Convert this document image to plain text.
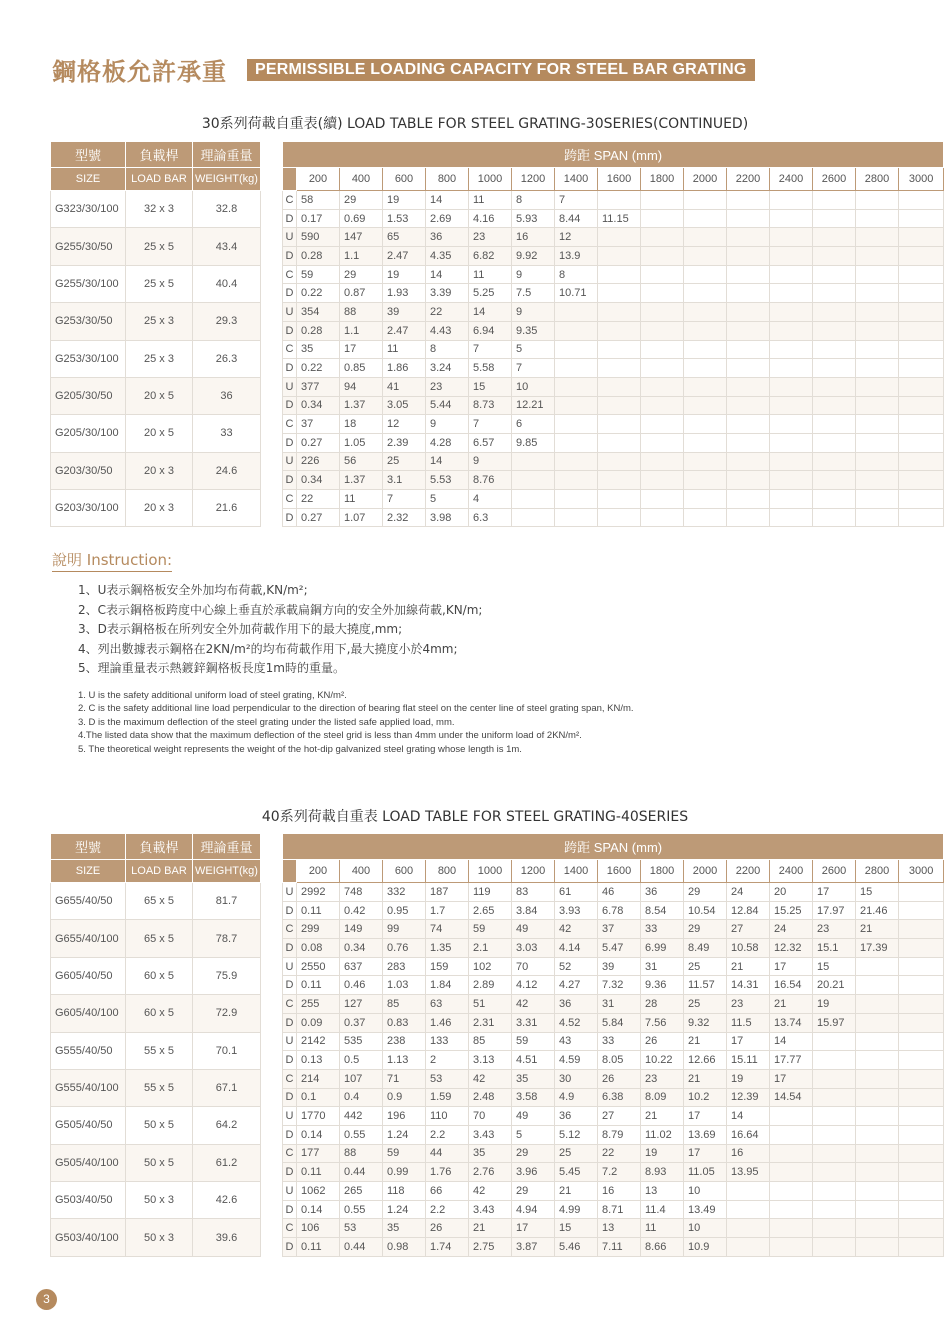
鋼格板允許承重	PERMISSIBLE LOADING CAPACITY FOR STEEL BAR GRATING
30系列荷載自重表(續) LOAD TABLE FOR STEEL GRATING-30SERIES(CONTINUED)
型號	負載桿	理論重量		跨距 SPAN (mm)															
SIZE	LOAD BAR	WEIGHT(kg)			200	400	600	800	1000	1200	1400	1600	1800	2000	2200	2400	2600	2800	3000
G323/30/100	32 x 3	32.8		C	58	29	19	14	11	8	7								
				D	0.17	0.69	1.53	2.69	4.16	5.93	8.44	11.15							
G255/30/50	25 x 5	43.4		U	590	147	65	36	23	16	12								
				D	0.28	1.1	2.47	4.35	6.82	9.92	13.9								
G255/30/100	25 x 5	40.4		C	59	29	19	14	11	9	8								
				D	0.22	0.87	1.93	3.39	5.25	7.5	10.71								
G253/30/50	25 x 3	29.3		U	354	88	39	22	14	9									
				D	0.28	1.1	2.47	4.43	6.94	9.35									
G253/30/100	25 x 3	26.3		C	35	17	11	8	7	5									
				D	0.22	0.85	1.86	3.24	5.58	7									
G205/30/50	20 x 5	36		U	377	94	41	23	15	10									
				D	0.34	1.37	3.05	5.44	8.73	12.21									
G205/30/100	20 x 5	33		C	37	18	12	9	7	6									
				D	0.27	1.05	2.39	4.28	6.57	9.85									
G203/30/50	20 x 3	24.6		U	226	56	25	14	9										
				D	0.34	1.37	3.1	5.53	8.76										
G203/30/100	20 x 3	21.6		C	22	11	7	5	4										
				D	0.27	1.07	2.32	3.98	6.3										
說明 Instruction:
1、U表示鋼格板安全外加均布荷載,KN/m²;
2、C表示鋼格板跨度中心線上垂直於承載扁鋼方向的安全外加線荷載,KN/m;
3、D表示鋼格板在所列安全外加荷載作用下的最大撓度,mm;
4、列出數據表示鋼格在2KN/m²的均布荷載作用下,最大撓度小於4mm;
5、理論重量表示熱鍍鋅鋼格板長度1m時的重量。
1. U is the safety additional uniform load of steel grating, KN/m².
2. C is the safety additional line load perpendicular to the direction of bearing flat steel on the center line of steel grating span, KN/m.
3. D is the maximum deflection of the steel grating under the listed safe applied load, mm.
4.The listed data show that the maximum deflection of the steel grid is less than 4mm under the uniform load of 2KN/m².
5. The theoretical weight represents the weight of the hot-dip galvanized steel grating whose length is 1m.
40系列荷載自重表 LOAD TABLE FOR STEEL GRATING-40SERIES
型號	負載桿	理論重量		跨距 SPAN (mm)															
SIZE	LOAD BAR	WEIGHT(kg)			200	400	600	800	1000	1200	1400	1600	1800	2000	2200	2400	2600	2800	3000
G655/40/50	65 x 5	81.7		U	2992	748	332	187	119	83	61	46	36	29	24	20	17	15	
				D	0.11	0.42	0.95	1.7	2.65	3.84	3.93	6.78	8.54	10.54	12.84	15.25	17.97	21.46	
G655/40/100	65 x 5	78.7		C	299	149	99	74	59	49	42	37	33	29	27	24	23	21	
				D	0.08	0.34	0.76	1.35	2.1	3.03	4.14	5.47	6.99	8.49	10.58	12.32	15.1	17.39	
G605/40/50	60 x 5	75.9		U	2550	637	283	159	102	70	52	39	31	25	21	17	15		
				D	0.11	0.46	1.03	1.84	2.89	4.12	4.27	7.32	9.36	11.57	14.31	16.54	20.21		
G605/40/100	60 x 5	72.9		C	255	127	85	63	51	42	36	31	28	25	23	21	19		
				D	0.09	0.37	0.83	1.46	2.31	3.31	4.52	5.84	7.56	9.32	11.5	13.74	15.97		
G555/40/50	55 x 5	70.1		U	2142	535	238	133	85	59	43	33	26	21	17	14			
				D	0.13	0.5	1.13	2	3.13	4.51	4.59	8.05	10.22	12.66	15.11	17.77			
G555/40/100	55 x 5	67.1		C	214	107	71	53	42	35	30	26	23	21	19	17			
				D	0.1	0.4	0.9	1.59	2.48	3.58	4.9	6.38	8.09	10.2	12.39	14.54			
G505/40/50	50 x 5	64.2		U	1770	442	196	110	70	49	36	27	21	17	14				
				D	0.14	0.55	1.24	2.2	3.43	5	5.12	8.79	11.02	13.69	16.64				
G505/40/100	50 x 5	61.2		C	177	88	59	44	35	29	25	22	19	17	16				
				D	0.11	0.44	0.99	1.76	2.76	3.96	5.45	7.2	8.93	11.05	13.95				
G503/40/50	50 x 3	42.6		U	1062	265	118	66	42	29	21	16	13	10					
				D	0.14	0.55	1.24	2.2	3.43	4.94	4.99	8.71	11.4	13.49					
G503/40/100	50 x 3	39.6		C	106	53	35	26	21	17	15	13	11	10					
				D	0.11	0.44	0.98	1.74	2.75	3.87	5.46	7.11	8.66	10.9					
3
